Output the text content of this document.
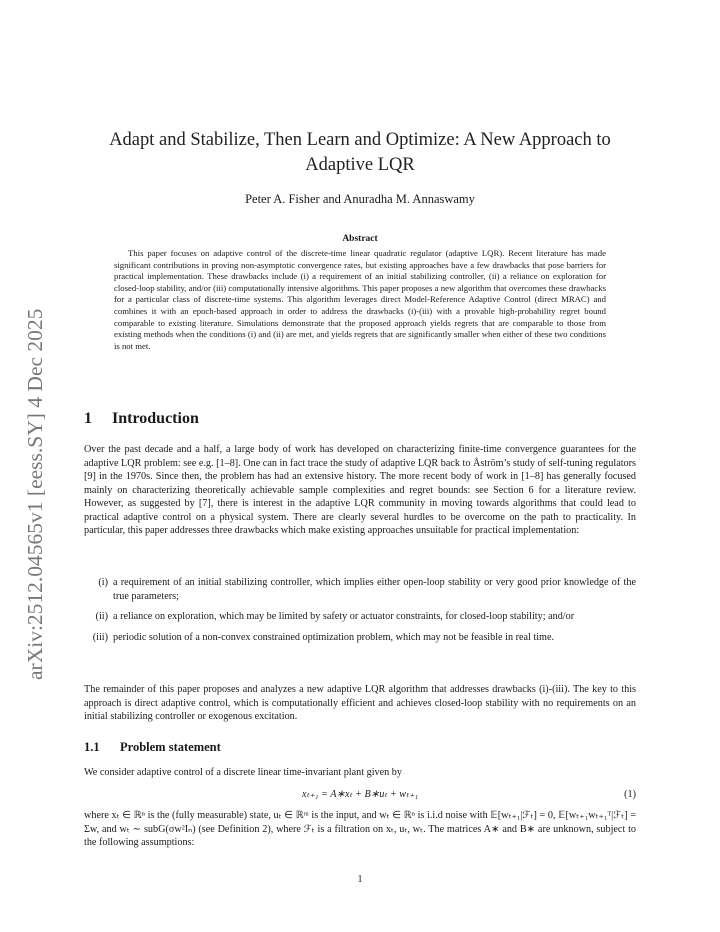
arXiv:2512.04565v1 [eess.SY] 4 Dec 2025
Adapt and Stabilize, Then Learn and Optimize: A New Approach to Adaptive LQR
Peter A. Fisher and Anuradha M. Annaswamy
Abstract
This paper focuses on adaptive control of the discrete-time linear quadratic regulator (adaptive LQR). Recent literature has made significant contributions in proving non-asymptotic convergence rates, but existing approaches have a few drawbacks that pose barriers for practical implementation. These drawbacks include (i) a requirement of an initial stabilizing controller, (ii) a reliance on exploration for closed-loop stability, and/or (iii) computationally intensive algorithms. This paper proposes a new algorithm that overcomes these drawbacks for a particular class of discrete-time systems. This algorithm leverages direct Model-Reference Adaptive Control (direct MRAC) and combines it with an epoch-based approach in order to address the drawbacks (i)-(iii) with a provable high-probability regret bound comparable to existing literature. Simulations demonstrate that the proposed approach yields regrets that are comparable to those from existing methods when the conditions (i) and (ii) are met, and yields regrets that are significantly smaller when either of these two conditions is not met.
1 Introduction
Over the past decade and a half, a large body of work has developed on characterizing finite-time convergence guarantees for the adaptive LQR problem: see e.g. [1–8]. One can in fact trace the study of adaptive LQR back to Åström’s study of self-tuning regulators [9] in the 1970s. Since then, the problem has had an extensive history. The more recent body of work in [1–8] has generally focused mainly on characterizing theoretically achievable sample complexities and regret bounds: see Section 6 for a literature review. However, as suggested by [7], there is interest in the adaptive LQR community in moving towards algorithms that could lead to practical adaptive control on a physical system. There are clearly several hurdles to be overcome on the path to practicality. In particular, this paper addresses three drawbacks which make existing approaches unsuitable for practical implementation:
(i) a requirement of an initial stabilizing controller, which implies either open-loop stability or very good prior knowledge of the true parameters;
(ii) a reliance on exploration, which may be limited by safety or actuator constraints, for closed-loop stability; and/or
(iii) periodic solution of a non-convex constrained optimization problem, which may not be feasible in real time.
The remainder of this paper proposes and analyzes a new adaptive LQR algorithm that addresses drawbacks (i)-(iii). The key to this approach is direct adaptive control, which is computationally efficient and achieves closed-loop stability with no requirements on an initial stabilizing controller or exogenous excitation.
1.1 Problem statement
We consider adaptive control of a discrete linear time-invariant plant given by
xₜ₊₁ = A∗xₜ + B∗uₜ + wₜ₊₁	(1)
where xₜ ∈ ℝⁿ is the (fully measurable) state, uₜ ∈ ℝᵐ is the input, and wₜ ∈ ℝⁿ is i.i.d noise with 𝔼[wₜ₊₁|ℱₜ] = 0, 𝔼[wₜ₊₁wₜ₊₁ᵀ|ℱₜ] = Σw, and wₜ ∼ subG(σw²Iₙ) (see Definition 2), where ℱₜ is a filtration on xₜ, uₜ, wₜ. The matrices A∗ and B∗ are unknown, subject to the following assumptions:
1
